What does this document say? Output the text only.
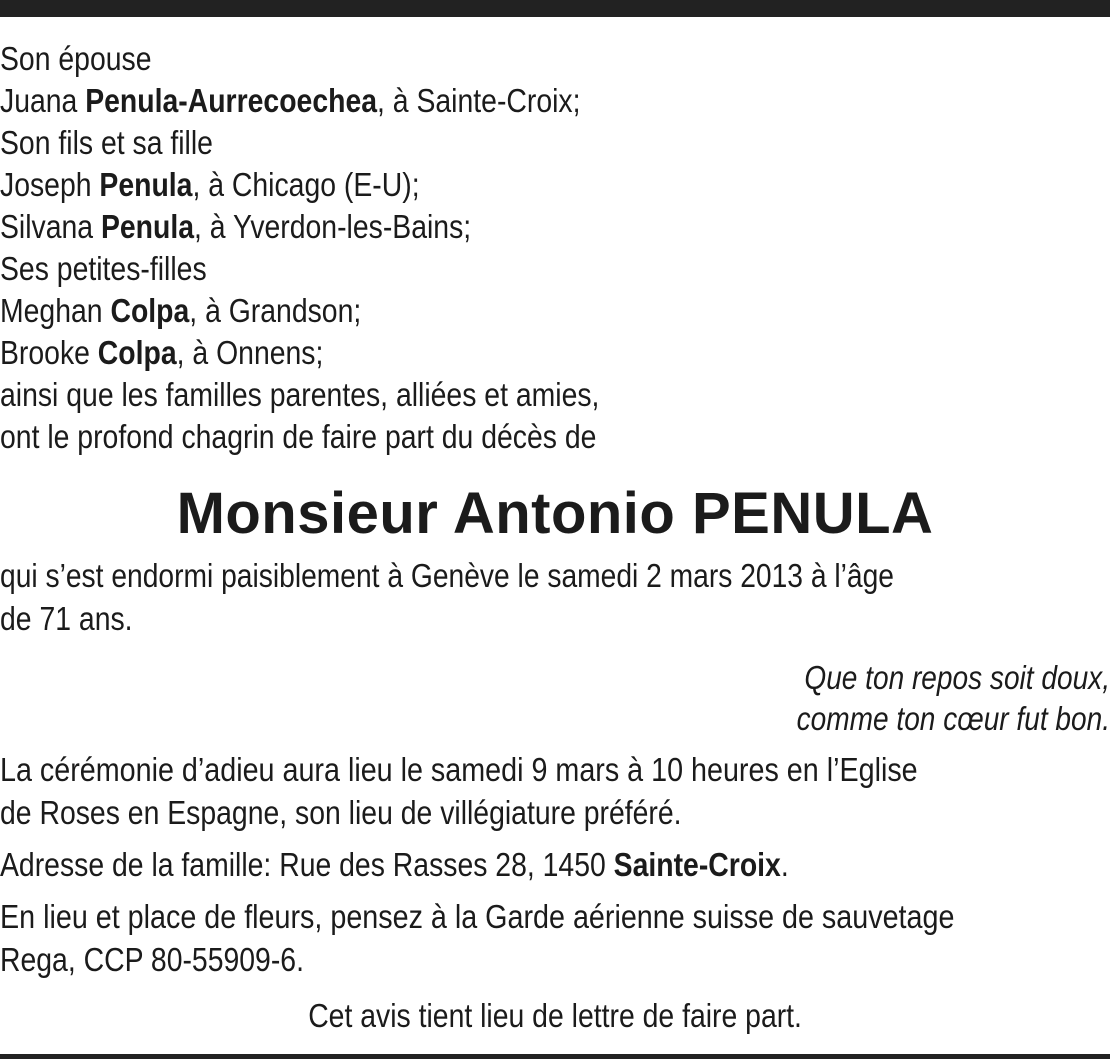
Son épouse
Juana Penula-Aurrecoechea, à Sainte-Croix;
Son fils et sa fille
Joseph Penula, à Chicago (E-U);
Silvana Penula, à Yverdon-les-Bains;
Ses petites-filles
Meghan Colpa, à Grandson;
Brooke Colpa, à Onnens;
ainsi que les familles parentes, alliées et amies,
ont le profond chagrin de faire part du décès de
Monsieur Antonio PENULA
qui s’est endormi paisiblement à Genève le samedi 2 mars 2013 à l’âge
de 71 ans.
Que ton repos soit doux,
comme ton cœur fut bon.
La cérémonie d’adieu aura lieu le samedi 9 mars à 10 heures en l’Eglise
de Roses en Espagne, son lieu de villégiature préféré.
Adresse de la famille: Rue des Rasses 28, 1450 Sainte-Croix.
En lieu et place de fleurs, pensez à la Garde aérienne suisse de sauvetage
Rega, CCP 80-55909-6.
Cet avis tient lieu de lettre de faire part.
